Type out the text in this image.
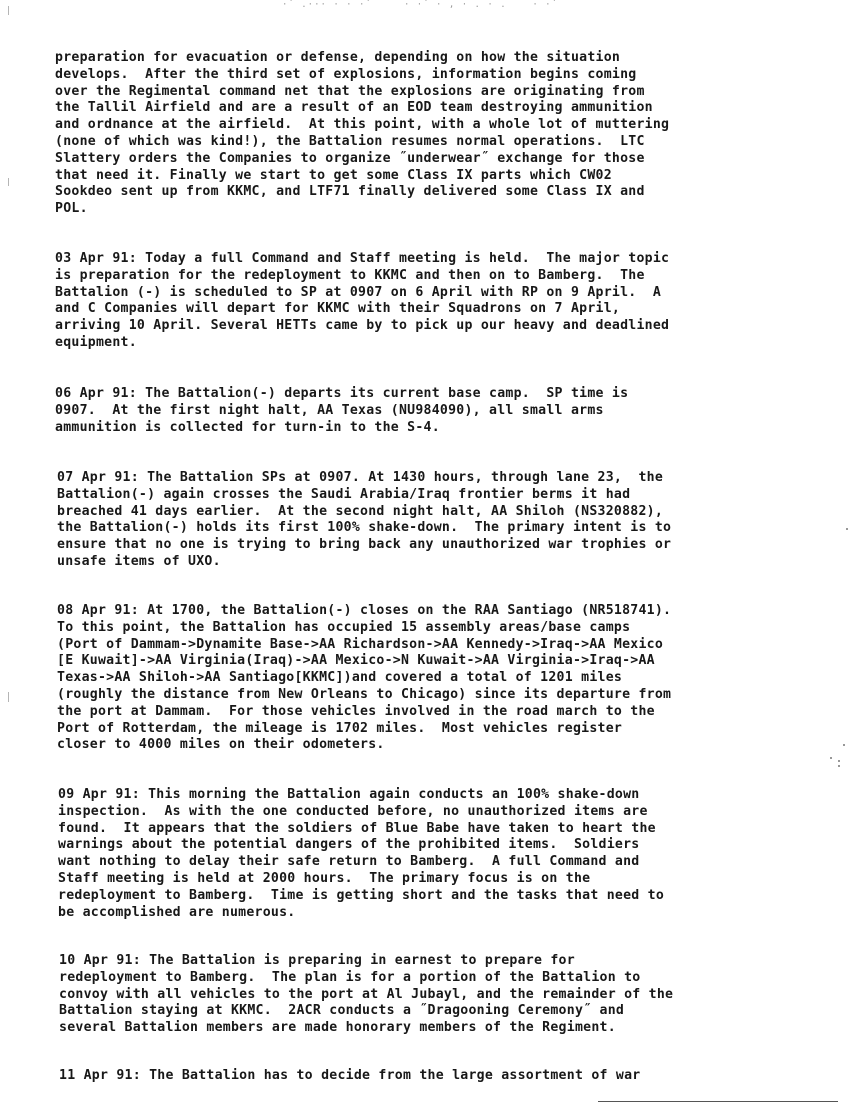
·˙ .··· · · ·˙     · ·˙ · , · . · .    · ·˙

preparation for evacuation or defense, depending on how the situation
develops.  After the third set of explosions, information begins coming
over the Regimental command net that the explosions are originating from
the Tallil Airfield and are a result of an EOD team destroying ammunition
and ordnance at the airfield.  At this point, with a whole lot of muttering
(none of which was kind!), the Battalion resumes normal operations.  LTC
Slattery orders the Companies to organize ˝underwear˝ exchange for those
that need it. Finally we start to get some Class IX parts which CW02
Sookdeo sent up from KKMC, and LTF71 finally delivered some Class IX and
POL.

03 Apr 91: Today a full Command and Staff meeting is held.  The major topic
is preparation for the redeployment to KKMC and then on to Bamberg.  The
Battalion (-) is scheduled to SP at 0907 on 6 April with RP on 9 April.  A
and C Companies will depart for KKMC with their Squadrons on 7 April,
arriving 10 April. Several HETTs came by to pick up our heavy and deadlined
equipment.

06 Apr 91: The Battalion(-) departs its current base camp.  SP time is
0907.  At the first night halt, AA Texas (NU984090), all small arms
ammunition is collected for turn-in to the S-4.

07 Apr 91: The Battalion SPs at 0907. At 1430 hours, through lane 23,  the
Battalion(-) again crosses the Saudi Arabia/Iraq frontier berms it had
breached 41 days earlier.  At the second night halt, AA Shiloh (NS320882),
the Battalion(-) holds its first 100% shake-down.  The primary intent is to
ensure that no one is trying to bring back any unauthorized war trophies or
unsafe items of UXO.

08 Apr 91: At 1700, the Battalion(-) closes on the RAA Santiago (NR518741).
To this point, the Battalion has occupied 15 assembly areas/base camps
(Port of Dammam->Dynamite Base->AA Richardson->AA Kennedy->Iraq->AA Mexico
[E Kuwait]->AA Virginia(Iraq)->AA Mexico->N Kuwait->AA Virginia->Iraq->AA
Texas->AA Shiloh->AA Santiago[KKMC])and covered a total of 1201 miles
(roughly the distance from New Orleans to Chicago) since its departure from
the port at Dammam.  For those vehicles involved in the road march to the
Port of Rotterdam, the mileage is 1702 miles.  Most vehicles register
closer to 4000 miles on their odometers.

09 Apr 91: This morning the Battalion again conducts an 100% shake-down
inspection.  As with the one conducted before, no unauthorized items are
found.  It appears that the soldiers of Blue Babe have taken to heart the
warnings about the potential dangers of the prohibited items.  Soldiers
want nothing to delay their safe return to Bamberg.  A full Command and
Staff meeting is held at 2000 hours.  The primary focus is on the
redeployment to Bamberg.  Time is getting short and the tasks that need to
be accomplished are numerous.

10 Apr 91: The Battalion is preparing in earnest to prepare for
redeployment to Bamberg.  The plan is for a portion of the Battalion to
convoy with all vehicles to the port at Al Jubayl, and the remainder of the
Battalion staying at KKMC.  2ACR conducts a ˝Dragooning Ceremony˝ and
several Battalion members are made honorary members of the Regiment.

11 Apr 91: The Battalion has to decide from the large assortment of war
